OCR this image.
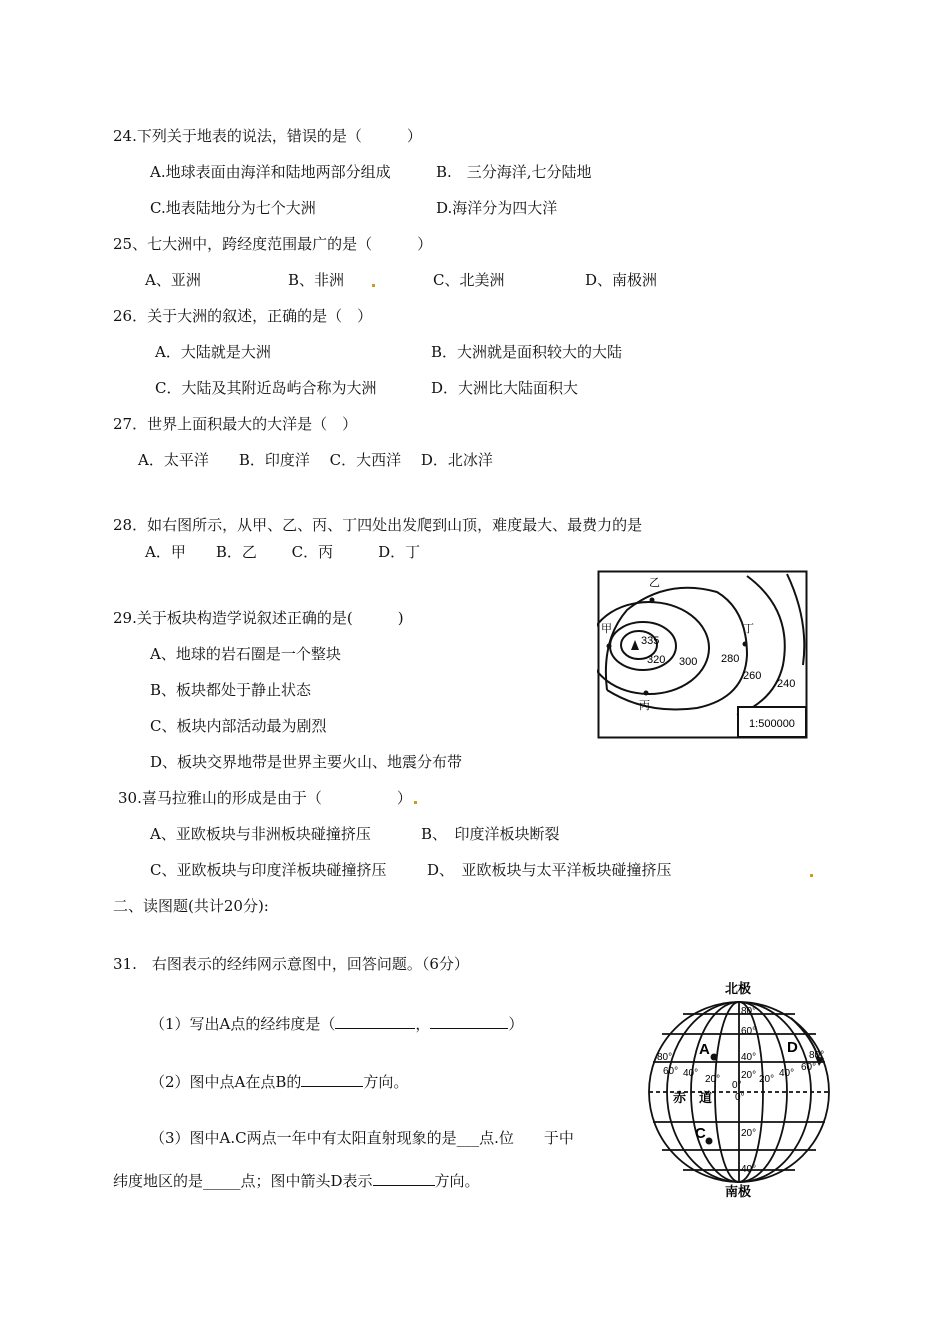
24.下列关于地表的说法，错误的是（　　　）
A.地球表面由海洋和陆地两部分组成	B.　三分海洋,七分陆地
C.地表陆地分为七个大洲	D.海洋分为四大洋
25、七大洲中，跨经度范围最广的是（　　　）
A、亚洲	B、非洲	C、北美洲	D、南极洲
26．关于大洲的叙述，正确的是（　）
A．大陆就是大洲	B．大洲就是面积较大的大陆
C．大陆及其附近岛屿合称为大洲	D．大洲比大陆面积大
27．世界上面积最大的大洋是（　）
A．太平洋　　B．印度洋　 C．大西洋　 D．北冰洋
28．如右图所示，从甲、乙、丙、丁四处出发爬到山顶，难度最大、最费力的是
A．甲　　B．乙　　 C．丙　　　D．丁
1:500000
335
320 300 280
260
240
甲
乙
丁
丙
29.关于板块构造学说叙述正确的是(　　　)
A、地球的岩石圈是一个整块
B、板块都处于静止状态
C、板块内部活动最为剧烈
D、板块交界地带是世界主要火山、地震分布带
30.喜马拉雅山的形成是由于（　　　　　）
A、亚欧板块与非洲板块碰撞挤压	B、　印度洋板块断裂
C、亚欧板块与印度洋板块碰撞挤压	D、　亚欧板块与太平洋板块碰撞挤压
二、读图题(共计20分):
31.　右图表示的经纬网示意图中，回答问题。（6分）
（1）写出A点的经纬度是（	，	）
（2）图中点A在点B的	方向。
（3）图中A.C两点一年中有太阳直射现象的是___点.位　　于中
纬度地区的是_____点；图中箭头D表示	方向。
北极
南极
赤　道
A
C
D
80°
60°
40°
20°
0°
20°
40°
80°
60° 40°
20°
0°
20°
40°
60°
80°
